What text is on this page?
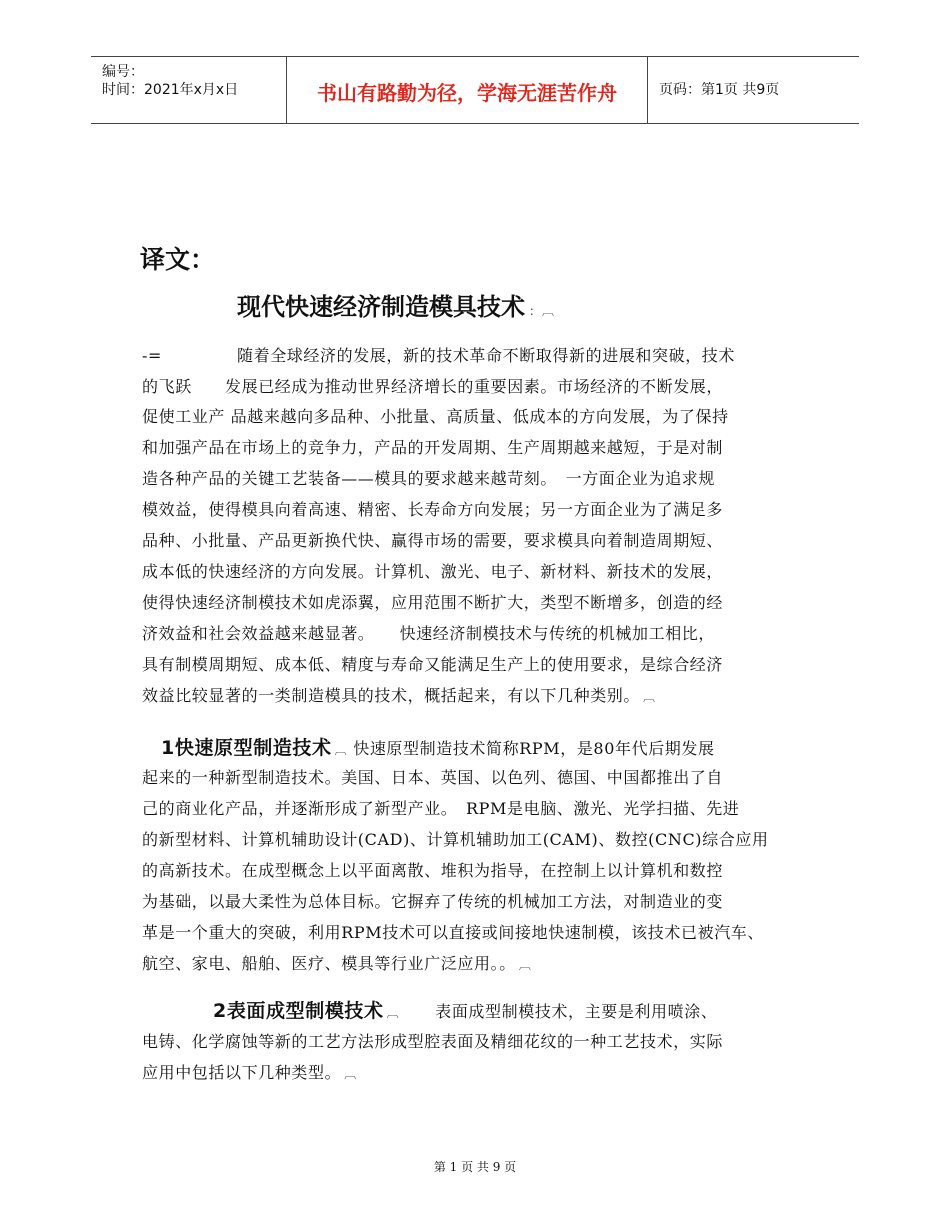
编号：
时间：2021年x月x日	书山有路勤为径，学海无涯苦作舟	页码：第1页 共9页
译文：
现代快速经济制造模具技术 ：︹
-=	随着全球经济的发展，新的技术革命不断取得新的进展和突破，技术
的飞跃　　发展已经成为推动世界经济增长的重要因素。市场经济的不断发展，
促使工业产 品越来越向多品种、小批量、高质量、低成本的方向发展，为了保持
和加强产品在市场上的竞争力，产品的开发周期、生产周期越来越短，于是对制
造各种产品的关键工艺装备——模具的要求越来越苛刻。　一方面企业为追求规
模效益，使得模具向着高速、精密、长寿命方向发展；另一方面企业为了满足多
品种、小批量、产品更新换代快、赢得市场的需要，要求模具向着制造周期短、
成本低的快速经济的方向发展。计算机、激光、电子、新材料、新技术的发展，
使得快速经济制模技术如虎添翼，应用范围不断扩大，类型不断增多，创造的经
济效益和社会效益越来越显著。　　快速经济制模技术与传统的机械加工相比，
具有制模周期短、成本低、精度与寿命又能满足生产上的使用要求，是综合经济
效益比较显著的一类制造模具的技术，概括起来，有以下几种类别。 ︹
1快速原型制造技术 ︹ 快速原型制造技术简称RPM，是80年代后期发展
起来的一种新型制造技术。美国、日本、英国、以色列、德国、中国都推出了自
己的商业化产品，并逐渐形成了新型产业。　RPM是电脑、激光、光学扫描、先进
的新型材料、计算机辅助设计(CAD)、计算机辅助加工(CAM)、数控(CNC)综合应用
的高新技术。在成型概念上以平面离散、堆积为指导，在控制上以计算机和数控
为基础，以最大柔性为总体目标。它摒弃了传统的机械加工方法，对制造业的变
革是一个重大的突破，利用RPM技术可以直接或间接地快速制模，该技术已被汽车、
航空、家电、船舶、医疗、模具等行业广泛应用。。 ︹
2表面成型制模技术 ︹ 表面成型制模技术，主要是利用喷涂、
电铸、化学腐蚀等新的工艺方法形成型腔表面及精细花纹的一种工艺技术，实际
应用中包括以下几种类型。 ︹
第 1 页 共 9 页
